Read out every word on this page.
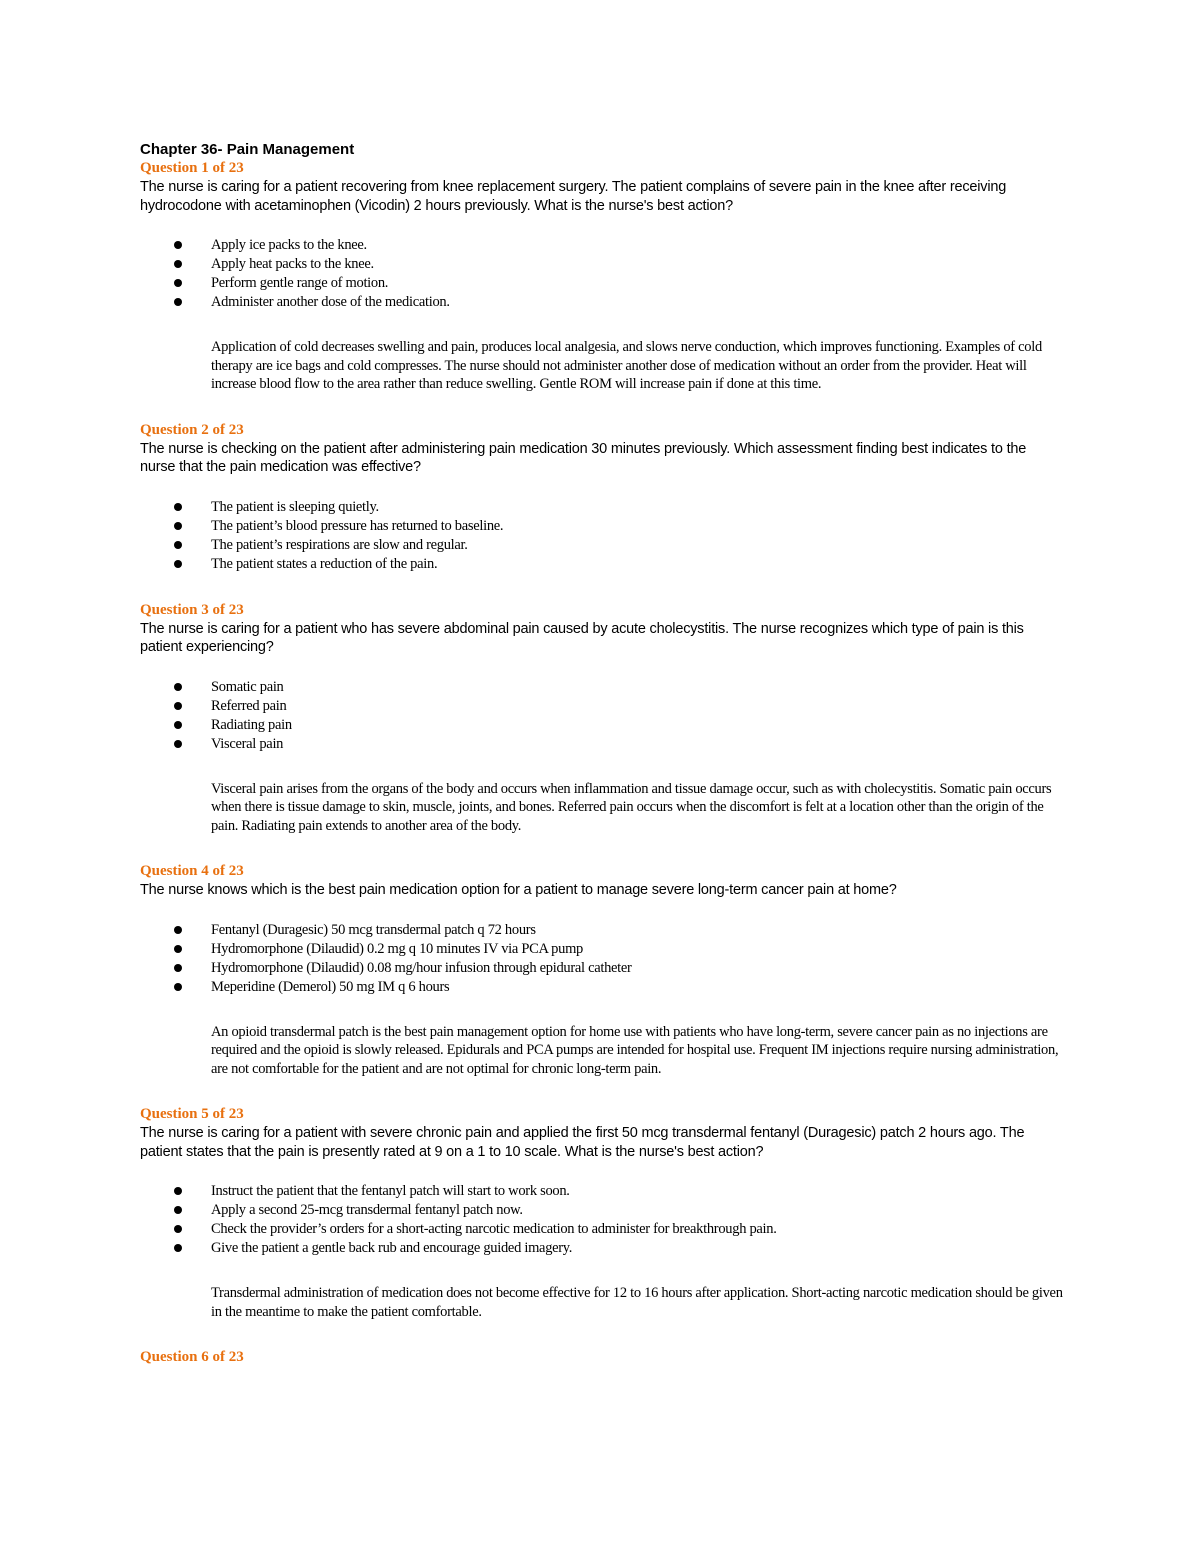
Chapter 36- Pain Management

Question 1 of 23

The nurse is caring for a patient recovering from knee replacement surgery. The patient complains of severe pain in the knee after receiving hydrocodone with acetaminophen (Vicodin) 2 hours previously. What is the nurse's best action?

Apply ice packs to the knee.
Apply heat packs to the knee.
Perform gentle range of motion.
Administer another dose of the medication.

Application of cold decreases swelling and pain, produces local analgesia, and slows nerve conduction, which improves functioning. Examples of cold therapy are ice bags and cold compresses. The nurse should not administer another dose of medication without an order from the provider. Heat will increase blood flow to the area rather than reduce swelling. Gentle ROM will increase pain if done at this time.

Question 2 of 23

The nurse is checking on the patient after administering pain medication 30 minutes previously. Which assessment finding best indicates to the nurse that the pain medication was effective?

The patient is sleeping quietly.
The patient’s blood pressure has returned to baseline.
The patient’s respirations are slow and regular.
The patient states a reduction of the pain.

Question 3 of 23

The nurse is caring for a patient who has severe abdominal pain caused by acute cholecystitis. The nurse recognizes which type of pain is this patient experiencing?

Somatic pain
Referred pain
Radiating pain
Visceral pain

Visceral pain arises from the organs of the body and occurs when inflammation and tissue damage occur, such as with cholecystitis. Somatic pain occurs when there is tissue damage to skin, muscle, joints, and bones. Referred pain occurs when the discomfort is felt at a location other than the origin of the pain. Radiating pain extends to another area of the body.

Question 4 of 23

The nurse knows which is the best pain medication option for a patient to manage severe long-term cancer pain at home?

Fentanyl (Duragesic) 50 mcg transdermal patch q 72 hours
Hydromorphone (Dilaudid) 0.2 mg q 10 minutes IV via PCA pump
Hydromorphone (Dilaudid) 0.08 mg/hour infusion through epidural catheter
Meperidine (Demerol) 50 mg IM q 6 hours

An opioid transdermal patch is the best pain management option for home use with patients who have long-term, severe cancer pain as no injections are required and the opioid is slowly released. Epidurals and PCA pumps are intended for hospital use. Frequent IM injections require nursing administration, are not comfortable for the patient and are not optimal for chronic long-term pain.

Question 5 of 23

The nurse is caring for a patient with severe chronic pain and applied the first 50 mcg transdermal fentanyl (Duragesic) patch 2 hours ago. The patient states that the pain is presently rated at 9 on a 1 to 10 scale. What is the nurse's best action?

Instruct the patient that the fentanyl patch will start to work soon.
Apply a second 25-mcg transdermal fentanyl patch now.
Check the provider’s orders for a short-acting narcotic medication to administer for breakthrough pain.
Give the patient a gentle back rub and encourage guided imagery.

Transdermal administration of medication does not become effective for 12 to 16 hours after application. Short-acting narcotic medication should be given in the meantime to make the patient comfortable.

Question 6 of 23
